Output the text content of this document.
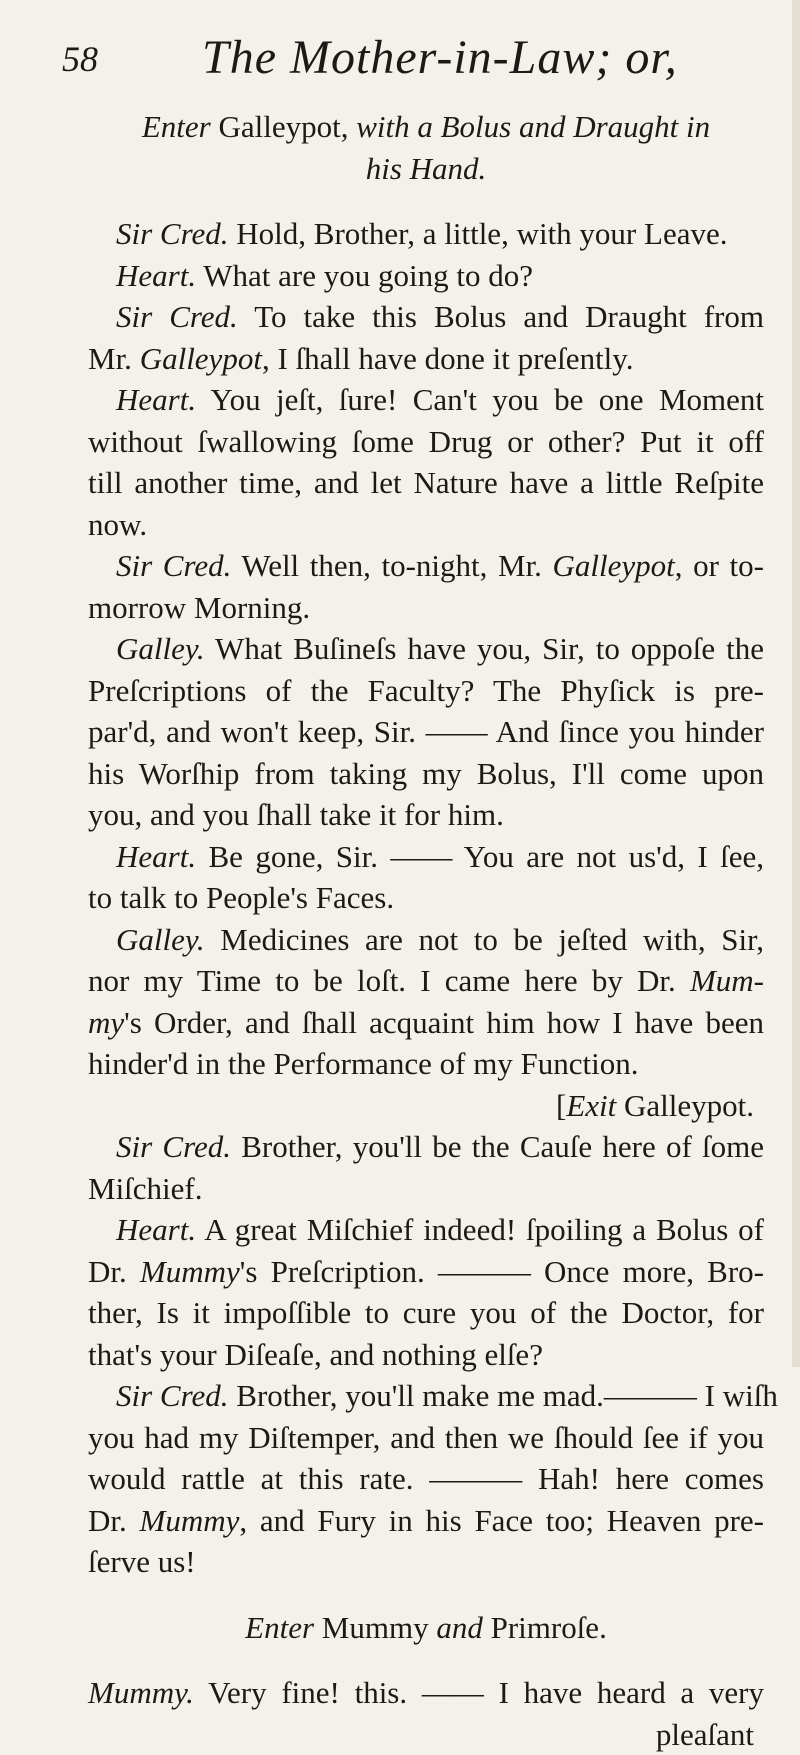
58 The Mother-in-Law; or,
Enter Galleypot, with a Bolus and Draught in
his Hand.
Sir Cred. Hold, Brother, a little, with your Leave.
Heart. What are you going to do?
Sir Cred. To take this Bolus and Draught from
Mr. Galleypot, I ſhall have done it preſently.
Heart. You jeſt, ſure! Can't you be one Moment
without ſwallowing ſome Drug or other? Put it off
till another time, and let Nature have a little Reſpite
now.
Sir Cred. Well then, to-night, Mr. Galleypot, or to-
morrow Morning.
Galley. What Buſineſs have you, Sir, to oppoſe the
Preſcriptions of the Faculty? The Phyſick is pre-
par'd, and won't keep, Sir. —— And ſince you hinder
his Worſhip from taking my Bolus, I'll come upon
you, and you ſhall take it for him.
Heart. Be gone, Sir. —— You are not us'd, I ſee,
to talk to People's Faces.
Galley. Medicines are not to be jeſted with, Sir,
nor my Time to be loſt. I came here by Dr. Mum-
my's Order, and ſhall acquaint him how I have been
hinder'd in the Performance of my Function.
[Exit Galleypot.
Sir Cred. Brother, you'll be the Cauſe here of ſome
Miſchief.
Heart. A great Miſchief indeed! ſpoiling a Bolus of
Dr. Mummy's Preſcription. ——— Once more, Bro-
ther, Is it impoſſible to cure you of the Doctor, for
that's your Diſeaſe, and nothing elſe?
Sir Cred. Brother, you'll make me mad.——— I wiſh
you had my Diſtemper, and then we ſhould ſee if you
would rattle at this rate. ——— Hah! here comes
Dr. Mummy, and Fury in his Face too; Heaven pre-
ſerve us!
Enter Mummy and Primroſe.
Mummy. Very fine! this. —— I have heard a very
pleaſant
